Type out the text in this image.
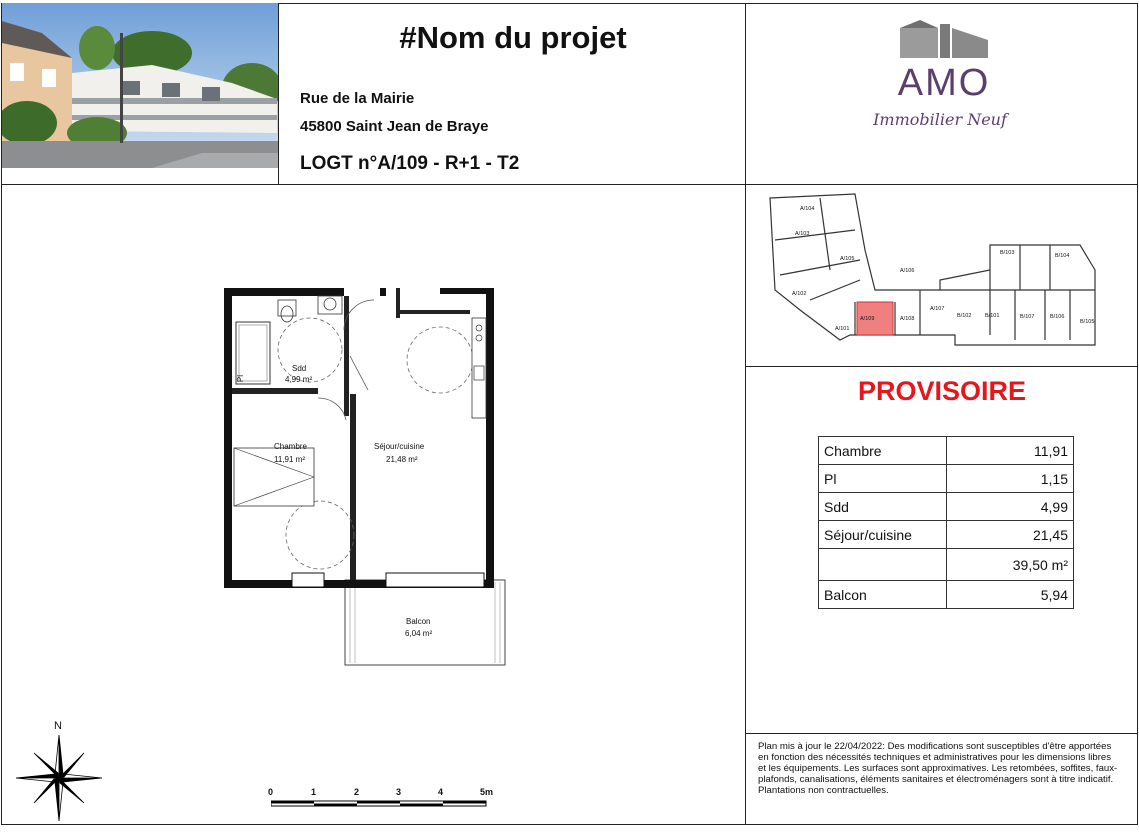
#Nom du projet
Rue de la Mairie
45800 Saint Jean de Braye
LOGT n°A/109 - R+1 - T2
AMO
Immobilier Neuf
Sdd
4,99 m²
Pl
Chambre
11,91 m²
Séjour/cuisine
21,48 m²
Balcon
6,04 m²
N
0	1	2	3	4	5m
A/104
A/103
A/105
A/106
A/102
A/101
A/109	A/108
A/107
B/103	B/104
B/102 B/101	B/107	B/106
B/105
PROVISOIRE
Chambre	11,91
Pl	1,15
Sdd	4,99
Séjour/cuisine	21,45
	39,50 m²
Balcon	5,94
Plan mis à jour le 22/04/2022: Des modifications sont susceptibles d'être apportées en fonction des nécessités techniques et administratives pour les dimensions libres et les équipements. Les surfaces sont approximatives. Les retombées, soffites, faux-plafonds, canalisations, éléments sanitaires et électroménagers sont à titre indicatif. Plantations non contractuelles.
